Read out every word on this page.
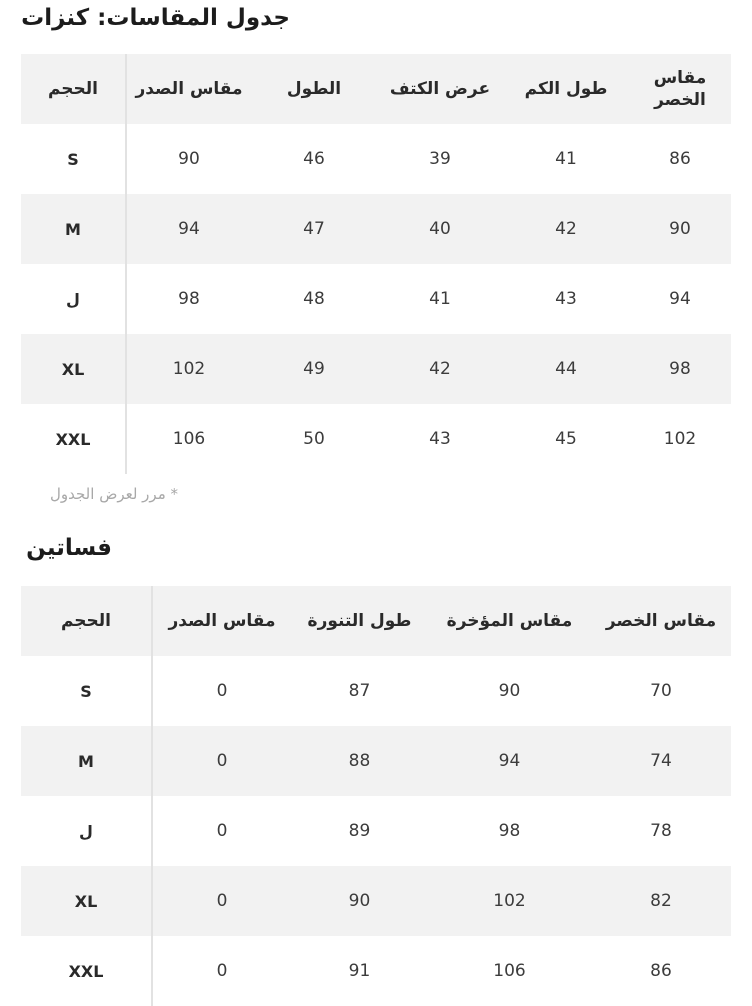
جدول المقاسات: كنزات
الحجم	مقاس الصدر	الطول	عرض الكتف	طول الكم	مقاس الخصر
S	90	46	39	41	86
M	94	47	40	42	90
ل	98	48	41	43	94
XL	102	49	42	44	98
XXL	106	50	43	45	102
* مرر لعرض الجدول
فساتين
الحجم	مقاس الصدر	طول التنورة	مقاس المؤخرة	مقاس الخصر
S	0	87	90	70
M	0	88	94	74
ل	0	89	98	78
XL	0	90	102	82
XXL	0	91	106	86
